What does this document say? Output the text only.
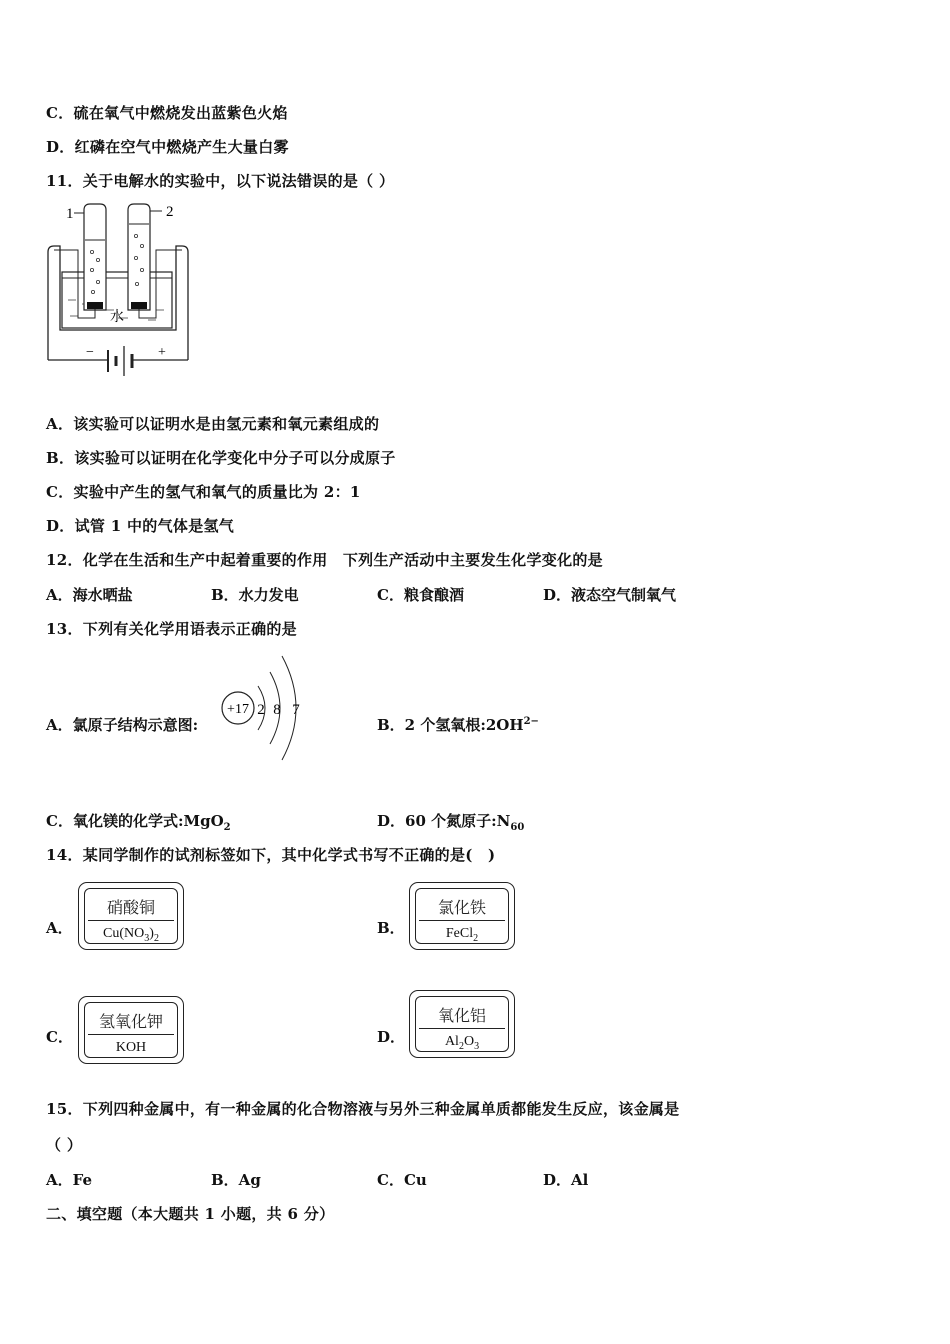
C．硫在氧气中燃烧发出蓝紫色火焰
D．红磷在空气中燃烧产生大量白雾
11．关于电解水的实验中，以下说法错误的是（ ）
1	2
水
−	+
A．该实验可以证明水是由氢元素和氧元素组成的
B．该实验可以证明在化学变化中分子可以分成原子
C．实验中产生的氢气和氧气的质量比为 2：1
D．试管 1 中的气体是氢气
12．化学在生活和生产中起着重要的作用　下列生产活动中主要发生化学变化的是
A．海水晒盐	B．水力发电	C．粮食酿酒	D．液态空气制氧气
13．下列有关化学用语表示正确的是
A．氯原子结构示意图:
+17 2 8 7
B．2 个氢氧根$:2OH^{2-}$
C．氧化镁的化学式:MgO$_2$	D．60 个氮原子$:N_{60}$
14．某同学制作的试剂标签如下，其中化学式书写不正确的是(　)
A．
硝酸铜
$Cu(NO_3)_2$
B．
氯化铁
FeCl$_2$
C．
氢氧化钾
KOH
D．
氧化铝
$Al_2O_3$
15．下列四种金属中，有一种金属的化合物溶液与另外三种金属单质都能发生反应，该金属是
（ ）
A．Fe	B．Ag	C．Cu	D．Al
二、填空题（本大题共 1 小题，共 6 分）
